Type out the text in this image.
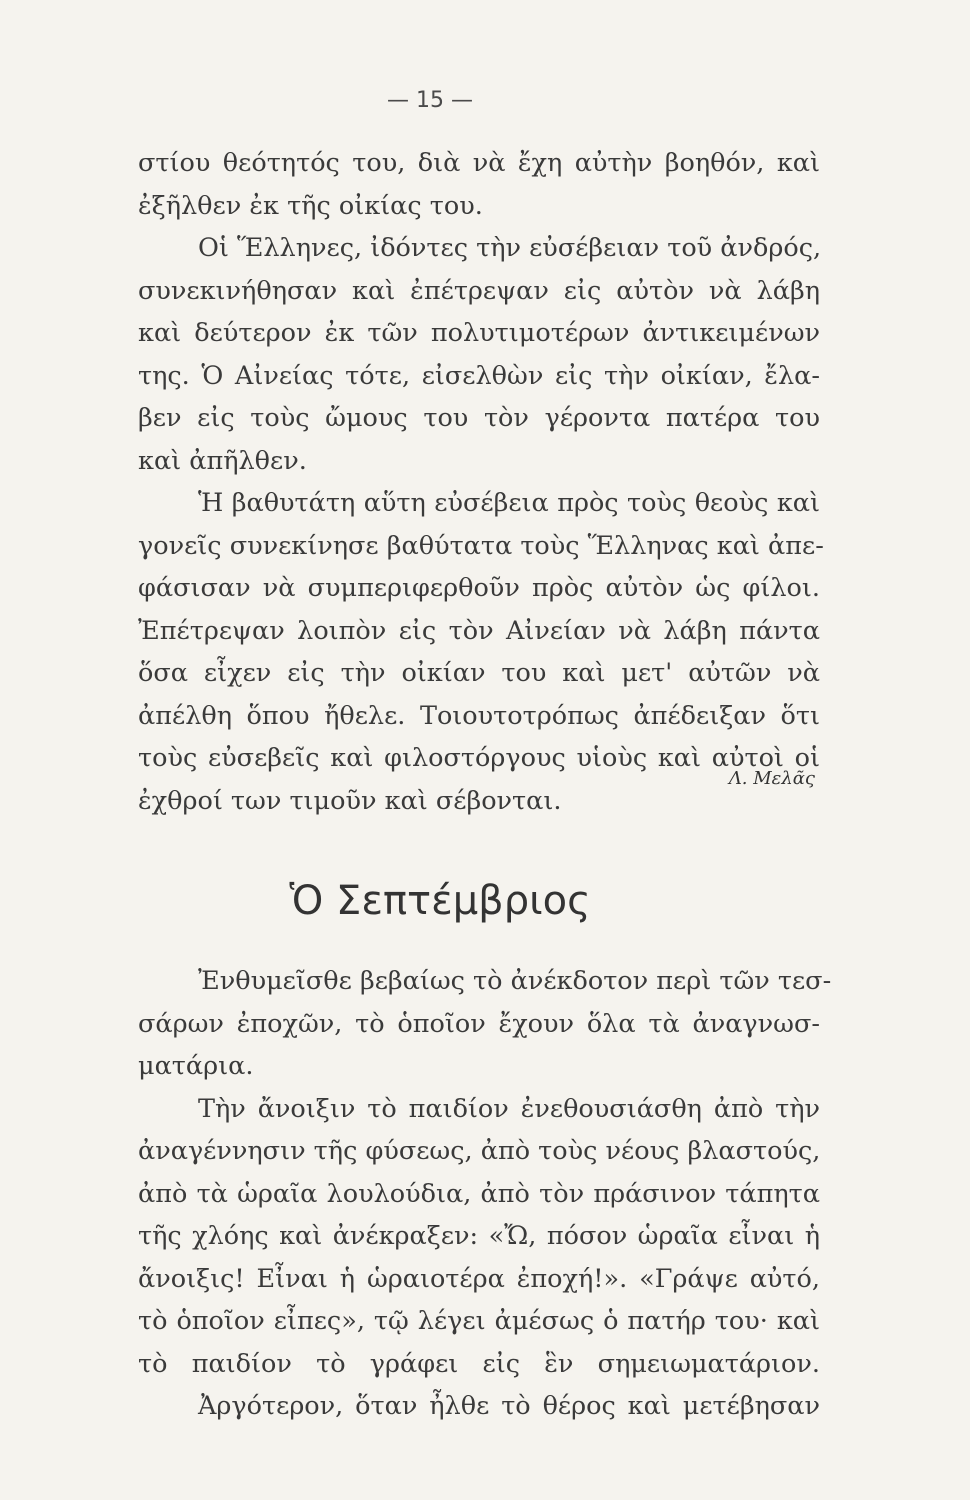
— 15 —
στίου θεότητός του, διὰ νὰ ἔχη αὐτὴν βοηθόν, καὶ
ἐξῆλθεν ἐκ τῆς οἰκίας του.
Οἱ Ἕλληνες, ἰδόντες τὴν εὐσέβειαν τοῦ ἀνδρός,
συνεκινήθησαν καὶ ἐπέτρεψαν εἰς αὐτὸν νὰ λάβη
καὶ δεύτερον ἐκ τῶν πολυτιμοτέρων ἀντικειμένων
της. Ὁ Αἰνείας τότε, εἰσελθὼν εἰς τὴν οἰκίαν, ἔλα-
βεν εἰς τοὺς ὤμους του τὸν γέροντα πατέρα του
καὶ ἀπῆλθεν.
Ἡ βαθυτάτη αὕτη εὐσέβεια πρὸς τοὺς θεοὺς καὶ
γονεῖς συνεκίνησε βαθύτατα τοὺς Ἕλληνας καὶ ἀπε-
φάσισαν νὰ συμπεριφερθοῦν πρὸς αὐτὸν ὡς φίλοι.
Ἐπέτρεψαν λοιπὸν εἰς τὸν Αἰνείαν νὰ λάβη πάντα
ὅσα εἶχεν εἰς τὴν οἰκίαν του καὶ μετ' αὐτῶν νὰ
ἀπέλθη ὅπου ἤθελε. Τοιουτοτρόπως ἀπέδειξαν ὅτι
τοὺς εὐσεβεῖς καὶ φιλοστόργους υἱοὺς καὶ αὐτοὶ οἱ
ἐχθροί των τιμοῦν καὶ σέβονται.
Λ. Μελᾶς
Ὁ Σεπτέμβριος
Ἐνθυμεῖσθε βεβαίως τὸ ἀνέκδοτον περὶ τῶν τεσ-
σάρων ἐποχῶν, τὸ ὁποῖον ἔχουν ὅλα τὰ ἀναγνωσ-
ματάρια.
Τὴν ἄνοιξιν τὸ παιδίον ἐνεθουσιάσθη ἀπὸ τὴν
ἀναγέννησιν τῆς φύσεως, ἀπὸ τοὺς νέους βλαστούς,
ἀπὸ τὰ ὡραῖα λουλούδια, ἀπὸ τὸν πράσινον τάπητα
τῆς χλόης καὶ ἀνέκραξεν: «Ὤ, πόσον ὡραῖα εἶναι ἡ
ἄνοιξις! Εἶναι ἡ ὡραιοτέρα ἐποχή!». «Γράψε αὐτό,
τὸ ὁποῖον εἶπες», τῷ λέγει ἀμέσως ὁ πατήρ του· καὶ
τὸ παιδίον τὸ γράφει εἰς ἓν σημειωματάριον.
Ἀργότερον, ὅταν ἦλθε τὸ θέρος καὶ μετέβησαν
